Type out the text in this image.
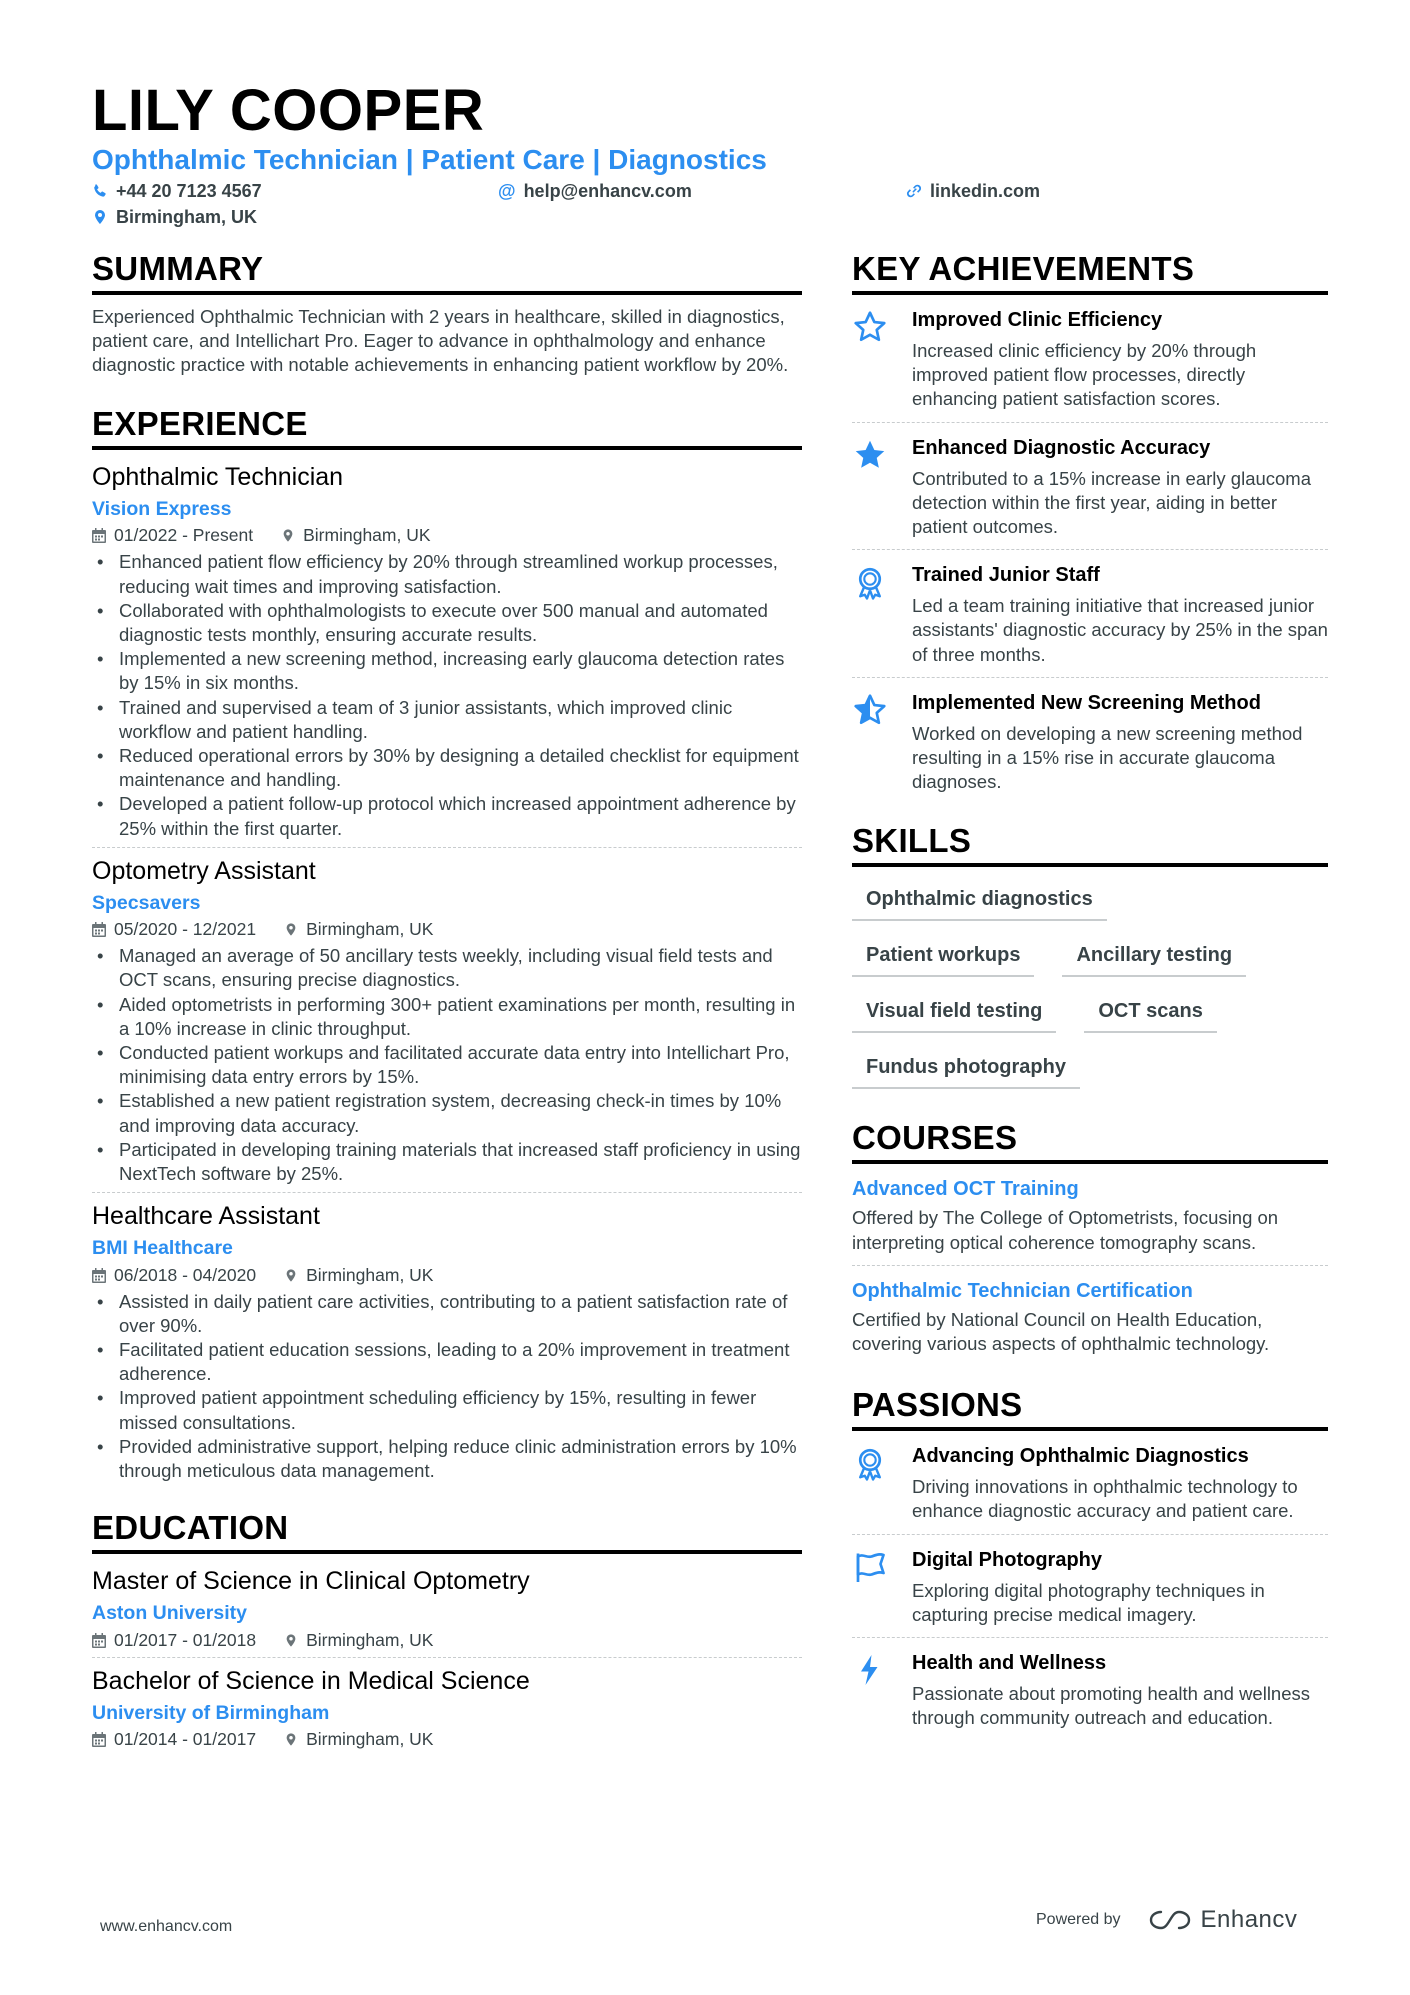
LILY COOPER
Ophthalmic Technician | Patient Care | Diagnostics
+44 20 7123 4567	@ help@enhancv.com	linkedin.com
Birmingham, UK
SUMMARY

Experienced Ophthalmic Technician with 2 years in healthcare, skilled in diagnostics, patient care, and Intellichart Pro. Eager to advance in ophthalmology and enhance diagnostic practice with notable achievements in enhancing patient workflow by 20%.

EXPERIENCE
Ophthalmic Technician
Vision Express
01/2022 - Present	Birmingham, UK
• Enhanced patient flow efficiency by 20% through streamlined workup processes, reducing wait times and improving satisfaction.
• Collaborated with ophthalmologists to execute over 500 manual and automated diagnostic tests monthly, ensuring accurate results.
• Implemented a new screening method, increasing early glaucoma detection rates by 15% in six months.
• Trained and supervised a team of 3 junior assistants, which improved clinic workflow and patient handling.
• Reduced operational errors by 30% by designing a detailed checklist for equipment maintenance and handling.
• Developed a patient follow-up protocol which increased appointment adherence by 25% within the first quarter.
Optometry Assistant
Specsavers
05/2020 - 12/2021	Birmingham, UK
• Managed an average of 50 ancillary tests weekly, including visual field tests and OCT scans, ensuring precise diagnostics.
• Aided optometrists in performing 300+ patient examinations per month, resulting in a 10% increase in clinic throughput.
• Conducted patient workups and facilitated accurate data entry into Intellichart Pro, minimising data entry errors by 15%.
• Established a new patient registration system, decreasing check-in times by 10% and improving data accuracy.
• Participated in developing training materials that increased staff proficiency in using NextTech software by 25%.
Healthcare Assistant
BMI Healthcare
06/2018 - 04/2020	Birmingham, UK
• Assisted in daily patient care activities, contributing to a patient satisfaction rate of over 90%.
• Facilitated patient education sessions, leading to a 20% improvement in treatment adherence.
• Improved patient appointment scheduling efficiency by 15%, resulting in fewer missed consultations.
• Provided administrative support, helping reduce clinic administration errors by 10% through meticulous data management.
EDUCATION
Master of Science in Clinical Optometry
Aston University
01/2017 - 01/2018	Birmingham, UK
Bachelor of Science in Medical Science
University of Birmingham
01/2014 - 01/2017	Birmingham, UK
KEY ACHIEVEMENTS
Improved Clinic Efficiency

Increased clinic efficiency by 20% through improved patient flow processes, directly enhancing patient satisfaction scores.

Enhanced Diagnostic Accuracy

Contributed to a 15% increase in early glaucoma detection within the first year, aiding in better patient outcomes.

Trained Junior Staff

Led a team training initiative that increased junior assistants' diagnostic accuracy by 25% in the span of three months.

Implemented New Screening Method

Worked on developing a new screening method resulting in a 15% rise in accurate glaucoma diagnoses.

SKILLS
Ophthalmic diagnostics
Patient workups	Ancillary testing
Visual field testing	OCT scans
Fundus photography
COURSES
Advanced OCT Training

Offered by The College of Optometrists, focusing on interpreting optical coherence tomography scans.

Ophthalmic Technician Certification

Certified by National Council on Health Education, covering various aspects of ophthalmic technology.

PASSIONS
Advancing Ophthalmic Diagnostics

Driving innovations in ophthalmic technology to enhance diagnostic accuracy and patient care.

Digital Photography

Exploring digital photography techniques in capturing precise medical imagery.

Health and Wellness

Passionate about promoting health and wellness through community outreach and education.

www.enhancv.com	Powered by	Enhancv
